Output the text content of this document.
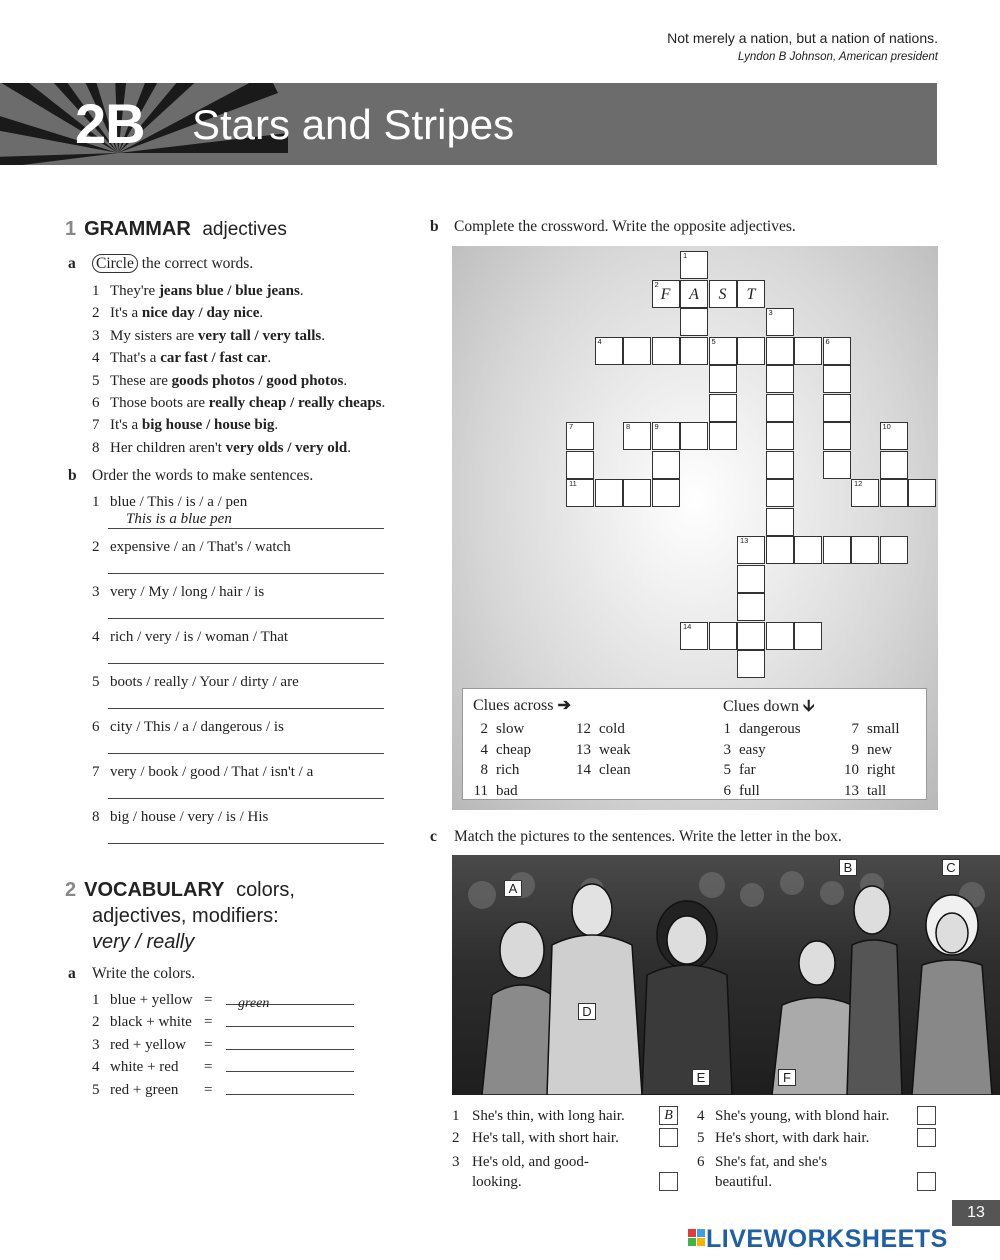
Not merely a nation, but a nation of nations.
Lyndon B Johnson, American president
2B Stars and Stripes
1 GRAMMAR adjectives
a Circle the correct words.
1 They're jeans blue / blue jeans.
2 It's a nice day / day nice.
3 My sisters are very tall / very talls.
4 That's a car fast / fast car.
5 These are goods photos / good photos.
6 Those boots are really cheap / really cheaps.
7 It's a big house / house big.
8 Her children aren't very olds / very old.
b Order the words to make sentences.
1 blue / This / is / a / pen
This is a blue pen
2 expensive / an / That's / watch
3 very / My / long / hair / is
4 rich / very / is / woman / That
5 boots / really / Your / dirty / are
6 city / This / a / dangerous / is
7 very / book / good / That / isn't / a
8 big / house / very / is / His
2 VOCABULARY colors,
adjectives, modifiers:
very / really
a Write the colors.
1 blue + yellow =	green
2 black + white =
3 red + yellow =
4 white + red =
5 red + green =
b Complete the crossword. Write the opposite adjectives.
1
2
F	A	S	T
3
4	5	6
7	8	9	10
11	12
13
14
Clues across ➔	Clues down 🡫
2 slow
4 cheap
8 rich
11 bad
12 cold
13 weak
14 clean
1 dangerous
3 easy
5 far
6 full
7 small
9 new
10 right
13 tall
c Match the pictures to the sentences. Write the letter in the box.
A
B	C
D
E	F
1 She's thin, with long hair.	B
2 He's tall, with short hair.
3 He's old, and good-
looking.
4 She's young, with blond hair.
5 He's short, with dark hair.
6 She's fat, and she's
beautiful.
13
LIVEWORKSHEETS
